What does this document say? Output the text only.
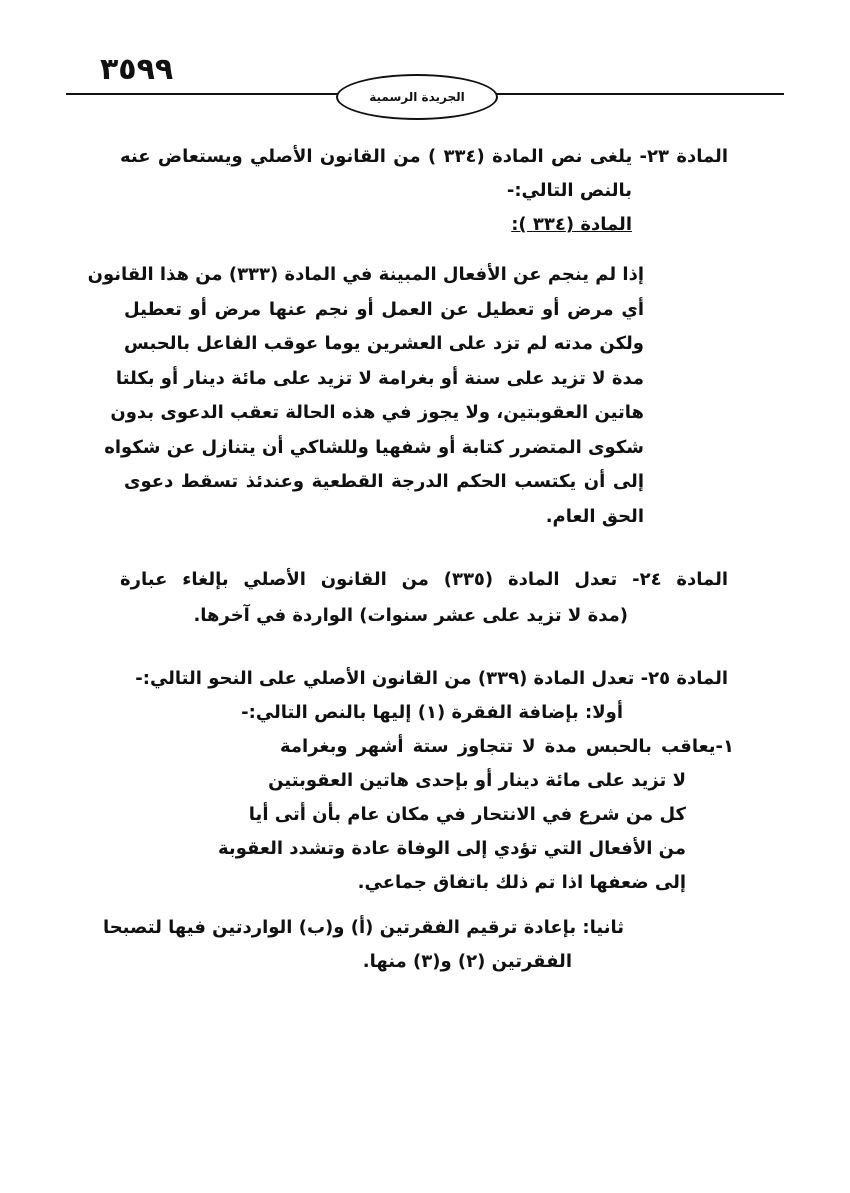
٣٥٩٩
الجريدة الرسمية
المادة ٢٣- يلغى نص المادة (٣٣٤ ) من القانون الأصلي ويستعاض عنه
بالنص التالي:-
المادة (٣٣٤ ):
إذا لم ينجم عن الأفعال المبينة في المادة (٣٣٣) من هذا القانون
أي مرض أو تعطيل عن العمل أو نجم عنها مرض أو تعطيل
ولكن مدته لم تزد على العشرين يوما عوقب الفاعل بالحبس
مدة لا تزيد على سنة أو بغرامة لا تزيد على مائة دينار أو بكلتا
هاتين العقوبتين، ولا يجوز في هذه الحالة تعقب الدعوى بدون
شكوى المتضرر كتابة أو شفهيا وللشاكي أن يتنازل عن شكواه
إلى أن يكتسب الحكم الدرجة القطعية وعندئذ تسقط دعوى
الحق العام.
المادة ٢٤- تعدل المادة (٣٣٥) من القانون الأصلي بإلغاء عبارة
(مدة لا تزيد على عشر سنوات) الواردة في آخرها.
المادة ٢٥- تعدل المادة (٣٣٩) من القانون الأصلي على النحو التالي:-
أولا: بإضافة الفقرة (١) إليها بالنص التالي:-
١-يعاقب بالحبس مدة لا تتجاوز ستة أشهر وبغرامة
لا تزيد على مائة دينار أو بإحدى هاتين العقوبتين
كل من شرع في الانتحار في مكان عام بأن أتى أيا
من الأفعال التي تؤدي إلى الوفاة عادة وتشدد العقوبة
إلى ضعفها اذا تم ذلك باتفاق جماعي.
ثانيا: بإعادة ترقيم الفقرتين (أ) و(ب) الواردتين فيها لتصبحا
الفقرتين (٢) و(٣) منها.
